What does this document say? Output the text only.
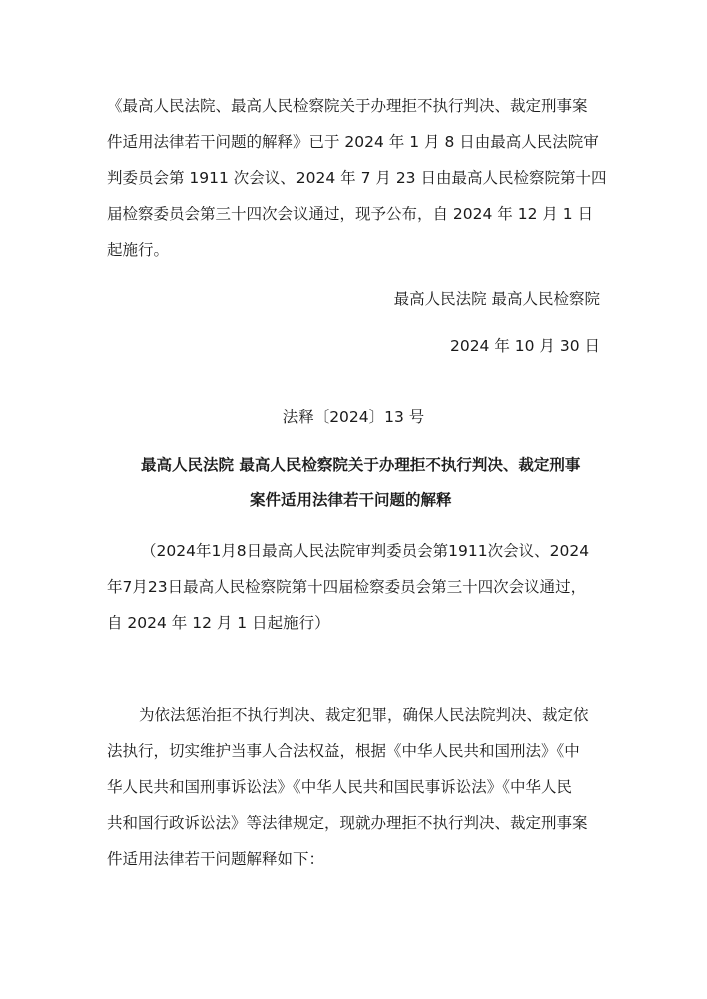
《最高人民法院、最高人民检察院关于办理拒不执行判决、裁定刑事案
件适用法律若干问题的解释》已于 2024 年 1 月 8 日由最高人民法院审
判委员会第 1911 次会议、2024 年 7 月 23 日由最高人民检察院第十四
届检察委员会第三十四次会议通过，现予公布，自 2024 年 12 月 1 日
起施行。
最高人民法院 最高人民检察院
2024 年 10 月 30 日
法释〔2024〕13 号
最高人民法院 最高人民检察院关于办理拒不执行判决、裁定刑事
案件适用法律若干问题的解释
（2024年1月8日最高人民法院审判委员会第1911次会议、2024
年7月23日最高人民检察院第十四届检察委员会第三十四次会议通过，
自 2024 年 12 月 1 日起施行）
为依法惩治拒不执行判决、裁定犯罪，确保人民法院判决、裁定依
法执行，切实维护当事人合法权益，根据《中华人民共和国刑法》《中
华人民共和国刑事诉讼法》《中华人民共和国民事诉讼法》《中华人民
共和国行政诉讼法》等法律规定，现就办理拒不执行判决、裁定刑事案
件适用法律若干问题解释如下：
